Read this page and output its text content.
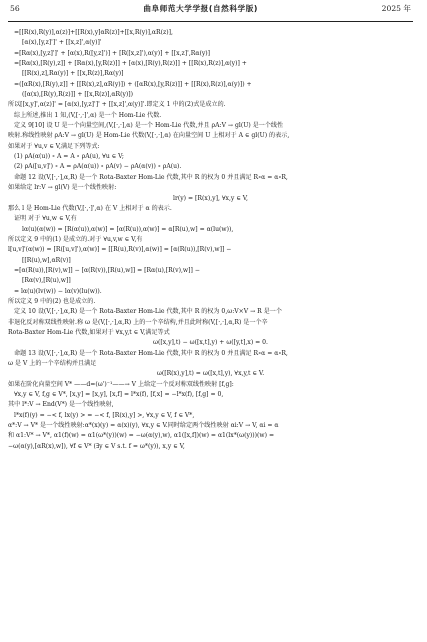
56	曲阜师范大学学报(自然科学版)	2025 年
=[[R(x),R(y)],α(z)]+[[R(x),y]αR(z)]+[[x,R(y)],αR(z)],
[α(x),[y,z]']' + [[x,z]',α(y)]'
=[Rα(x),[y,z]']' + [α(x),R([y,z]')] + [R([x,z]'),α(y)] + [[x,z]',Rα(y)]
=[Rα(x),[R(y),z]] + [Rα(x),[y,R(z)]] + [α(x),[R(y),R(z)]] + [[R(x),R(z)],α(y)] +
[[R(x),z],Rα(y)] + [[x,R(z)],Rα(y)]
=([αR(x),[R(y),z]] + [[R(x),z],αR(y)]) + ([αR(x),[y,R(z)]] + [[R(x),R(z)],α(y)]) +
([α(x),[R(y),R(z)]] + [[x,R(z)],αR(y)])
所以[[x,y]',α(z)]' = [α(x),[y,z]']' + [[x,z]',α(y)]'.即定义 1 中的(2)式是成立的.
综上所述,推出 1 知,(V,[·,·]',α) 是一个 Hom-Lie 代数.
定义 9[10] 设 U 是一个向量空间,(V,[·,·],α) 是一个 Hom-Lie 代数,并且 ρA:V → gl(U) 是一个线性
映射.称线性映射 ρA:V → gl(U) 是 Hom-Lie 代数(V,[·,·],α) 在向量空间 U 上相对于 A ∈ gl(U) 的表示,
如果对于 ∀u,v ∈ V,满足下列等式:
(1) ρA(α(u)) ∘ A = A ∘ ρA(u), ∀u ∈ V;
(2) ρA([u,v]') ∘ A = ρA(α(u)) ∘ ρA(v) − ρA(α(v)) ∘ ρA(u).
命题 12 设(V,[·,·],α,R) 是一个 Rota-Baxter Hom-Lie 代数,其中 R 的权为 0 并且满足 R∘α = α∘R,
如果给定 lr:V → gl(V) 是一个线性映射:
lr(y) = [R(x),y], ∀x,y ∈ V,
那么 l 是 Hom-Lie 代数(V,[·,·]',α) 在 V 上相对于 α 的表示.
证明 对于 ∀u,w ∈ V,有
lα(u)(α(w)) = [R(α(u)),α(w)] = [α(R(u)),α(w)] = α[R(u),w] = α(lu(w)),
所以定义 9 中的(1) 是成立的.对于 ∀u,v,w ∈ V,有
l[u,v]'(α(w)) = [R([u,v]'),α(w)] = [[R(u),R(v)],α(w)] = [α(R(u)),[R(v),w]] −
[[R(u),w],αR(v)]
=[α(R(u)),[R(v),w]] − [α(R(v)),[R(u),w]] = [Rα(u),[R(v),w]] −
[Rα(v),[R(u),w]]
= lα(u)(lv(w)) − lα(v)(lu(w)).
所以定义 9 中的(2) 也是成立的.
定义 10 设(V,[·,·],α,R) 是一个 Rota-Baxter Hom-Lie 代数,其中 R 的权为 0,ω:V×V → R 是一个
非退化反对称双线性映射.称 ω 是(V,[·,·],α,R) 上的一个辛结构,并且此时称(V,[·,·],α,R) 是一个辛
Rota-Baxter Hom-Lie 代数,如果对于 ∀x,y,t ∈ V,满足等式
ω([x,y],t) − ω([x,t],y) + ω([y,t],x) = 0.
命题 13 设(V,[·,·],α,R) 是一个 Rota-Baxter Hom-Lie 代数,其中 R 的权为 0 并且满足 R∘α = α∘R,
ω 是 V 上的一个辛结构并且满足
ω([R(x),y],t) = ω([x,t],y), ∀x,y,t ∈ V.
如果在阶化向量空间 V* ——d=(ω')⁻¹——→ V 上给定一个反对称双线性映射 [f,g]:
∀x,y ∈ V, f,g ∈ V*, [x,y] = [x,y], [x,f] = l*x(f), [f,x] = −l*x(f), [f,g] = 0,
其中 l*:V → End(V*) 是一个线性映射,
l*x(f)(y) = −< f, lx(y) > = −< f, [R(x),y] >, ∀x,y ∈ V, f ∈ V*,
α*:V → V* 是一个线性映射:α*(x)(y) = α(x)(y), ∀x,y ∈ V.同时给定两个线性映射 αi:V → V, αi = α
和 α1:V* → V*, α1(f)(w) = α1(ω*(y))(w) = −ω(α(y),w), α1([x,f])(w) = α1(lx*(ω(y)))(w) =
−ω(α(y),[αR(x),w]), ∀f ∈ V* (∃y ∈ V s.t. f = ω*(y)), x,y ∈ V,
